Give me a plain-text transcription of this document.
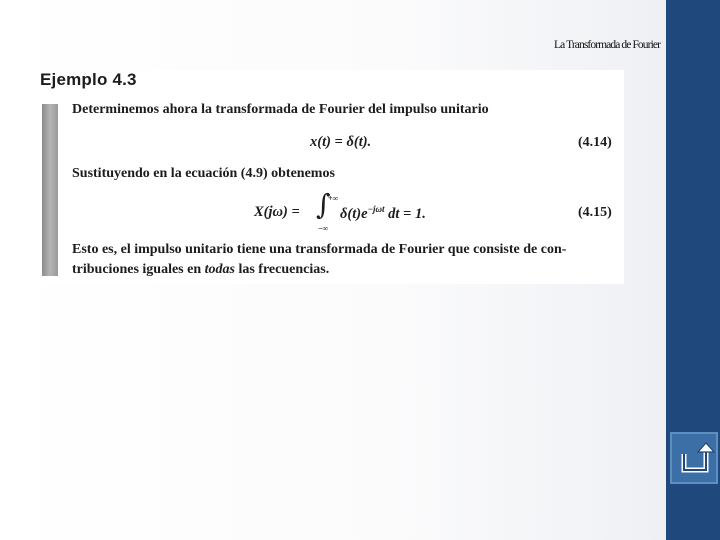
La Transformada de Fourier
Ejemplo 4.3
Determinemos ahora la transformada de Fourier del impulso unitario
x(t) = δ(t).	(4.14)
Sustituyendo en la ecuación (4.9) obtenemos
X(jω) = ∫
+∞
−∞
$\delta(t)e^{-j\omega t}$ dt = 1.	(4.15)
Esto es, el impulso unitario tiene una transformada de Fourier que consiste de con-
tribuciones iguales en todas las frecuencias.
